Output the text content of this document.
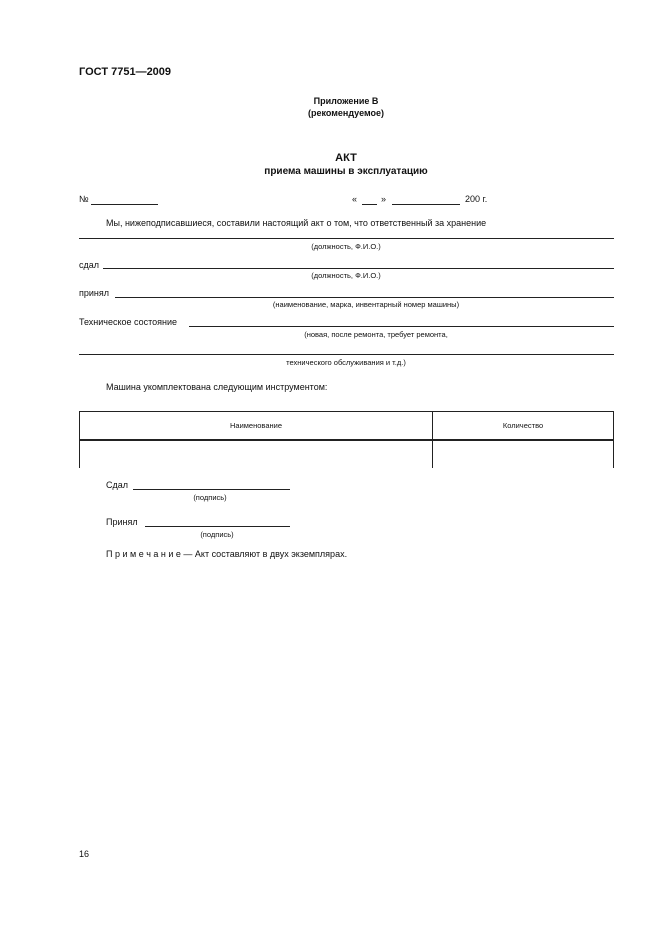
ГОСТ 7751—2009
Приложение В
(рекомендуемое)
АКТ
приема машины в эксплуатацию
№	«	»	200 г.
Мы, нижеподписавшиеся, составили настоящий акт о том, что ответственный за хранение
(должность, Ф.И.О.)
сдал
(должность, Ф.И.О.)
принял
(наименование, марка, инвентарный номер машины)
Техническое состояние
(новая, после ремонта, требует ремонта,
технического обслуживания и т.д.)
Машина укомплектована следующим инструментом:
Наименование	Количество

Сдал
(подпись)
Принял
(подпись)
П р и м е ч а н и е — Акт составляют в двух экземплярах.
16
